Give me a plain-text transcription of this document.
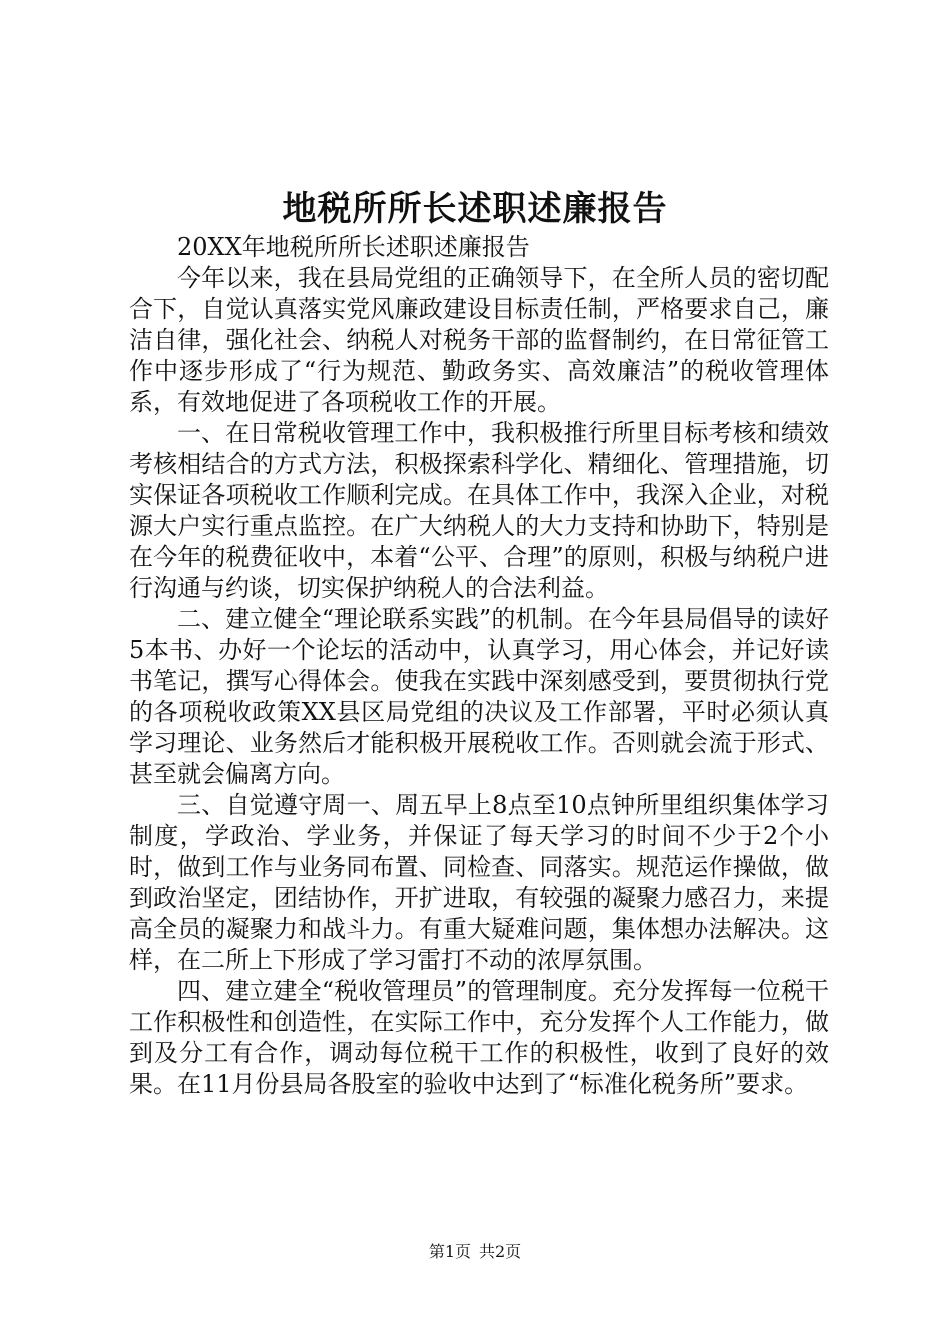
地税所所长述职述廉报告

20XX年地税所所长述职述廉报告

今年以来，我在县局党组的正确领导下，在全所人员的密切配合下，自觉认真落实党风廉政建设目标责任制，严格要求自己，廉洁自律，强化社会、纳税人对税务干部的监督制约，在日常征管工作中逐步形成了“行为规范、勤政务实、高效廉洁”的税收管理体系，有效地促进了各项税收工作的开展。

一、在日常税收管理工作中，我积极推行所里目标考核和绩效考核相结合的方式方法，积极探索科学化、精细化、管理措施，切实保证各项税收工作顺利完成。在具体工作中，我深入企业，对税源大户实行重点监控。在广大纳税人的大力支持和协助下，特别是在今年的税费征收中，本着“公平、合理”的原则，积极与纳税户进行沟通与约谈，切实保护纳税人的合法利益。

二、建立健全“理论联系实践”的机制。在今年县局倡导的读好5本书、办好一个论坛的活动中，认真学习，用心体会，并记好读书笔记，撰写心得体会。使我在实践中深刻感受到，要贯彻执行党的各项税收政策XX县区局党组的决议及工作部署，平时必须认真学习理论、业务然后才能积极开展税收工作。否则就会流于形式、甚至就会偏离方向。

三、自觉遵守周一、周五早上8点至10点钟所里组织集体学习制度，学政治、学业务，并保证了每天学习的时间不少于2个小时，做到工作与业务同布置、同检查、同落实。规范运作操做，做到政治坚定，团结协作，开扩进取，有较强的凝聚力感召力，来提高全员的凝聚力和战斗力。有重大疑难问题，集体想办法解决。这样，在二所上下形成了学习雷打不动的浓厚氛围。

四、建立建全“税收管理员”的管理制度。充分发挥每一位税干工作积极性和创造性，在实际工作中，充分发挥个人工作能力，做到及分工有合作，调动每位税干工作的积极性，收到了良好的效果。在11月份县局各股室的验收中达到了“标准化税务所”要求。

第1页 共2页
